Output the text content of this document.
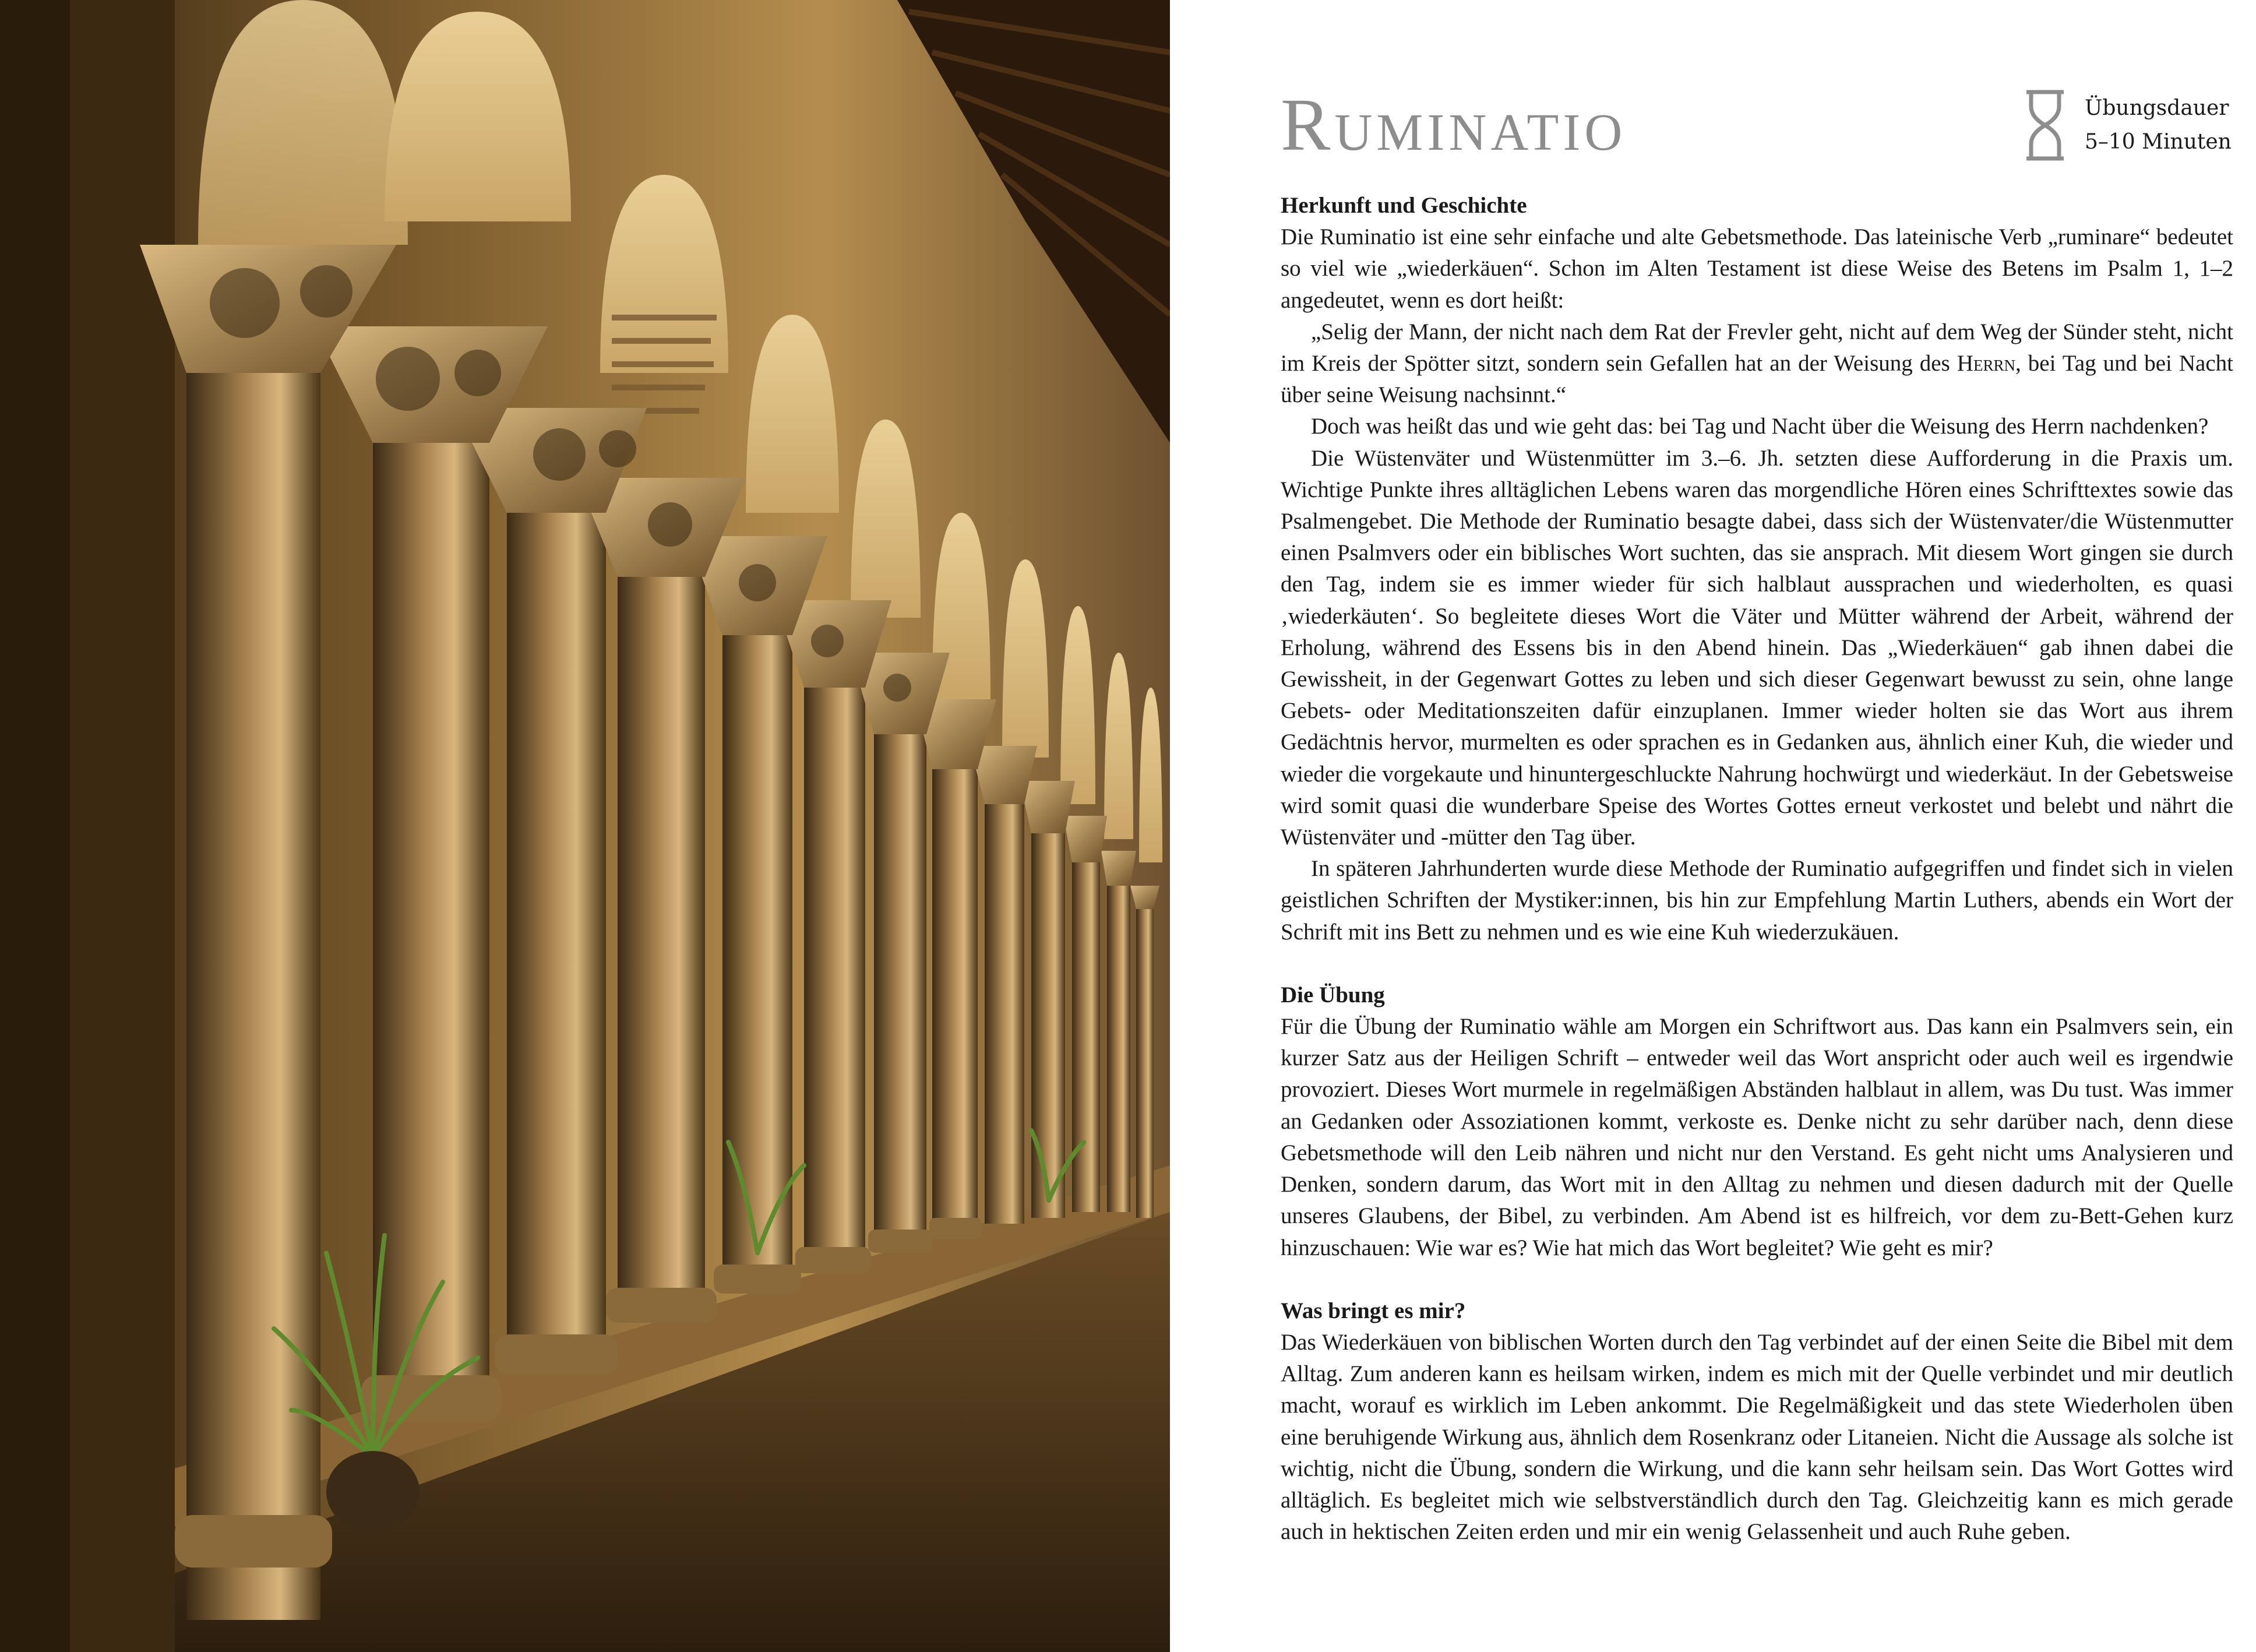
Ruminatio	Übungsdauer
5–10 Minuten
Herkunft und Geschichte

Die Ruminatio ist eine sehr einfache und alte Gebetsmethode. Das lateinische Verb „ruminare“ bedeutet so viel wie „wiederkäuen“. Schon im Alten Testament ist diese Weise des Betens im Psalm 1, 1–2 angedeutet, wenn es dort heißt:

„Selig der Mann, der nicht nach dem Rat der Frevler geht, nicht auf dem Weg der Sünder steht, nicht im Kreis der Spötter sitzt, sondern sein Gefallen hat an der Weisung des Herrn, bei Tag und bei Nacht über seine Weisung nachsinnt.“

Doch was heißt das und wie geht das: bei Tag und Nacht über die Weisung des Herrn nachdenken?

Die Wüstenväter und Wüstenmütter im 3.–6. Jh. setzten diese Aufforderung in die Praxis um. Wichtige Punkte ihres alltäglichen Lebens waren das morgendliche Hören eines Schrifttextes sowie das Psalmengebet. Die Methode der Ruminatio besagte dabei, dass sich der Wüstenvater/die Wüstenmutter einen Psalmvers oder ein biblisches Wort suchten, das sie ansprach. Mit diesem Wort gingen sie durch den Tag, indem sie es immer wieder für sich halblaut aussprachen und wiederholten, es quasi ‚wiederkäuten‘. So begleitete dieses Wort die Väter und Mütter während der Arbeit, während der Erholung, während des Essens bis in den Abend hinein. Das „Wiederkäuen“ gab ihnen dabei die Gewissheit, in der Gegenwart Gottes zu leben und sich dieser Gegenwart bewusst zu sein, ohne lange Gebets- oder Meditationszeiten dafür einzuplanen. Immer wieder holten sie das Wort aus ihrem Gedächtnis hervor, murmelten es oder sprachen es in Gedanken aus, ähnlich einer Kuh, die wieder und wieder die vorgekaute und hinuntergeschluckte Nahrung hochwürgt und wiederkäut. In der Gebetsweise wird somit quasi die wunderbare Speise des Wortes Gottes erneut verkostet und belebt und nährt die Wüstenväter und -mütter den Tag über.

In späteren Jahrhunderten wurde diese Methode der Ruminatio aufgegriffen und findet sich in vielen geistlichen Schriften der Mystiker:innen, bis hin zur Empfehlung Martin Luthers, abends ein Wort der Schrift mit ins Bett zu nehmen und es wie eine Kuh wiederzukäuen.

Die Übung

Für die Übung der Ruminatio wähle am Morgen ein Schriftwort aus. Das kann ein Psalmvers sein, ein kurzer Satz aus der Heiligen Schrift – entweder weil das Wort anspricht oder auch weil es irgendwie provoziert. Dieses Wort murmele in regelmäßigen Abständen halblaut in allem, was Du tust. Was immer an Gedanken oder Assoziationen kommt, verkoste es. Denke nicht zu sehr darüber nach, denn diese Gebetsmethode will den Leib nähren und nicht nur den Verstand. Es geht nicht ums Analysieren und Denken, sondern darum, das Wort mit in den Alltag zu nehmen und diesen dadurch mit der Quelle unseres Glaubens, der Bibel, zu verbinden. Am Abend ist es hilfreich, vor dem zu-Bett-Gehen kurz hinzuschauen: Wie war es? Wie hat mich das Wort begleitet? Wie geht es mir?

Was bringt es mir?

Das Wiederkäuen von biblischen Worten durch den Tag verbindet auf der einen Seite die Bibel mit dem Alltag. Zum anderen kann es heilsam wirken, indem es mich mit der Quelle verbindet und mir deutlich macht, worauf es wirklich im Leben ankommt. Die Regelmäßigkeit und das stete Wiederholen üben eine beruhigende Wirkung aus, ähnlich dem Rosenkranz oder Litaneien. Nicht die Aussage als solche ist wichtig, nicht die Übung, sondern die Wirkung, und die kann sehr heilsam sein. Das Wort Gottes wird alltäglich. Es begleitet mich wie selbstverständlich durch den Tag. Gleichzeitig kann es mich gerade auch in hektischen Zeiten erden und mir ein wenig Gelassenheit und auch Ruhe geben.
